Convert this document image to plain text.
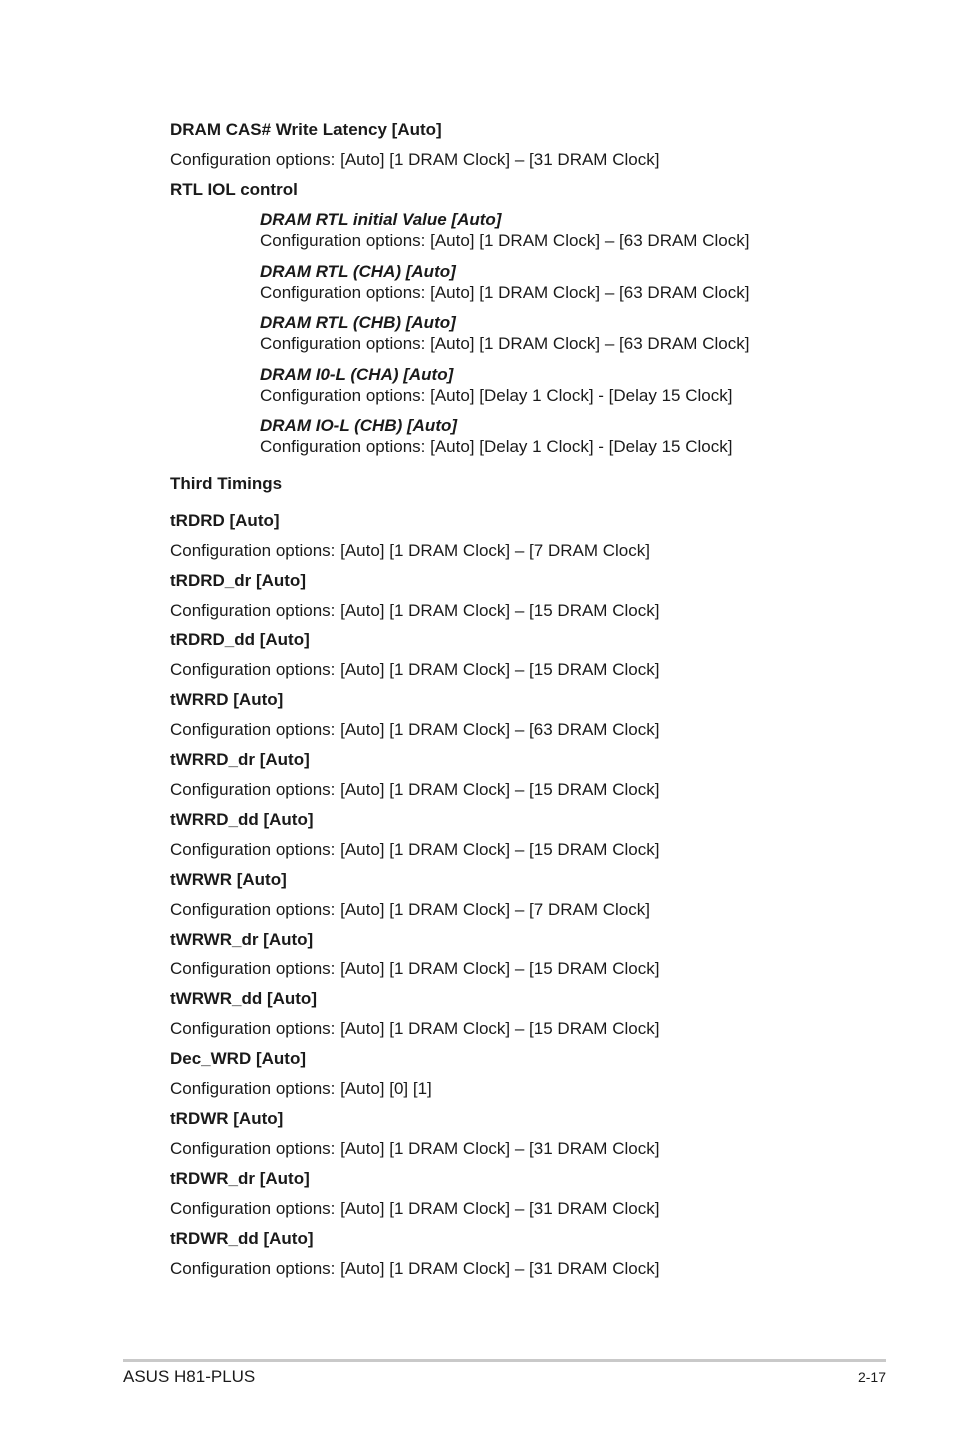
DRAM CAS# Write Latency [Auto]
Configuration options: [Auto] [1 DRAM Clock] – [31 DRAM Clock]
RTL IOL control
DRAM RTL initial Value [Auto]
Configuration options: [Auto] [1 DRAM Clock] – [63 DRAM Clock]
DRAM RTL (CHA) [Auto]
Configuration options: [Auto] [1 DRAM Clock] – [63 DRAM Clock]
DRAM RTL (CHB) [Auto]
Configuration options: [Auto] [1 DRAM Clock] – [63 DRAM Clock]
DRAM I0-L (CHA) [Auto]
Configuration options: [Auto] [Delay 1 Clock] - [Delay 15 Clock]
DRAM IO-L (CHB) [Auto]
Configuration options: [Auto] [Delay 1 Clock] - [Delay 15 Clock]
Third Timings
tRDRD [Auto]
Configuration options: [Auto] [1 DRAM Clock] – [7 DRAM Clock]
tRDRD_dr [Auto]
Configuration options: [Auto] [1 DRAM Clock] – [15 DRAM Clock]
tRDRD_dd [Auto]
Configuration options: [Auto] [1 DRAM Clock] – [15 DRAM Clock]
tWRRD [Auto]
Configuration options: [Auto] [1 DRAM Clock] – [63 DRAM Clock]
tWRRD_dr [Auto]
Configuration options: [Auto] [1 DRAM Clock] – [15 DRAM Clock]
tWRRD_dd [Auto]
Configuration options: [Auto] [1 DRAM Clock] – [15 DRAM Clock]
tWRWR [Auto]
Configuration options: [Auto] [1 DRAM Clock] – [7 DRAM Clock]
tWRWR_dr [Auto]
Configuration options: [Auto] [1 DRAM Clock] – [15 DRAM Clock]
tWRWR_dd [Auto]
Configuration options: [Auto] [1 DRAM Clock] – [15 DRAM Clock]
Dec_WRD [Auto]
Configuration options: [Auto] [0] [1]
tRDWR [Auto]
Configuration options: [Auto] [1 DRAM Clock] – [31 DRAM Clock]
tRDWR_dr [Auto]
Configuration options: [Auto] [1 DRAM Clock] – [31 DRAM Clock]
tRDWR_dd [Auto]
Configuration options: [Auto] [1 DRAM Clock] – [31 DRAM Clock]
ASUS H81-PLUS	2-17
